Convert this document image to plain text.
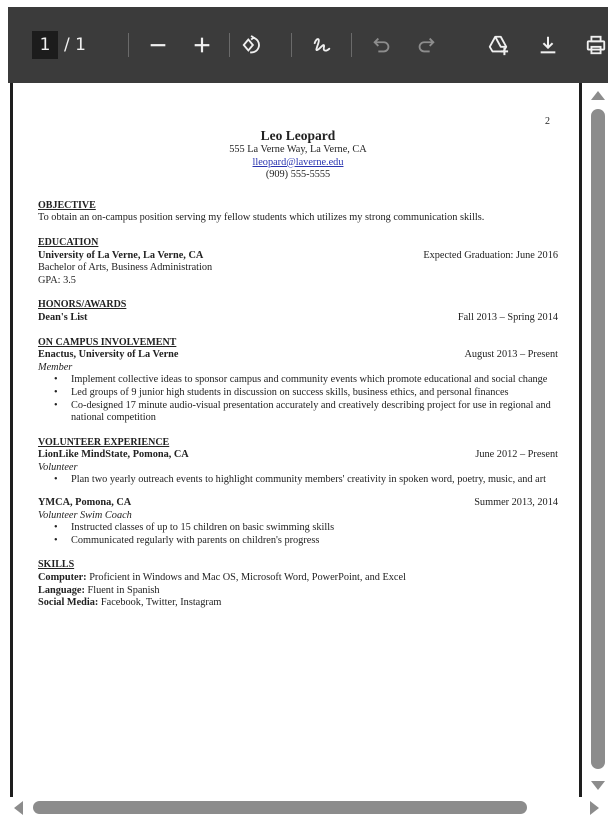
1 / 1
2
Leo Leopard
555 La Verne Way, La Verne, CA
lleopard@laverne.edu
(909) 555-5555
OBJECTIVE
To obtain an on-campus position serving my fellow students which utilizes my strong communication skills.
EDUCATION
University of La Verne, La Verne, CA	Expected Graduation: June 2016
Bachelor of Arts, Business Administration
GPA: 3.5
HONORS/AWARDS
Dean's List	Fall 2013 – Spring 2014
ON CAMPUS INVOLVEMENT
Enactus, University of La Verne	August 2013 – Present
Member
• Implement collective ideas to sponsor campus and community events which promote educational and social change
• Led groups of 9 junior high students in discussion on success skills, business ethics, and personal finances
• Co-designed 17 minute audio-visual presentation accurately and creatively describing project for use in regional and national competition
VOLUNTEER EXPERIENCE
LionLike MindState, Pomona, CA	June 2012 – Present
Volunteer
• Plan two yearly outreach events to highlight community members' creativity in spoken word, poetry, music, and art
YMCA, Pomona, CA	Summer 2013, 2014
Volunteer Swim Coach
• Instructed classes of up to 15 children on basic swimming skills
• Communicated regularly with parents on children's progress
SKILLS
Computer: Proficient in Windows and Mac OS, Microsoft Word, PowerPoint, and Excel
Language: Fluent in Spanish
Social Media: Facebook, Twitter, Instagram
